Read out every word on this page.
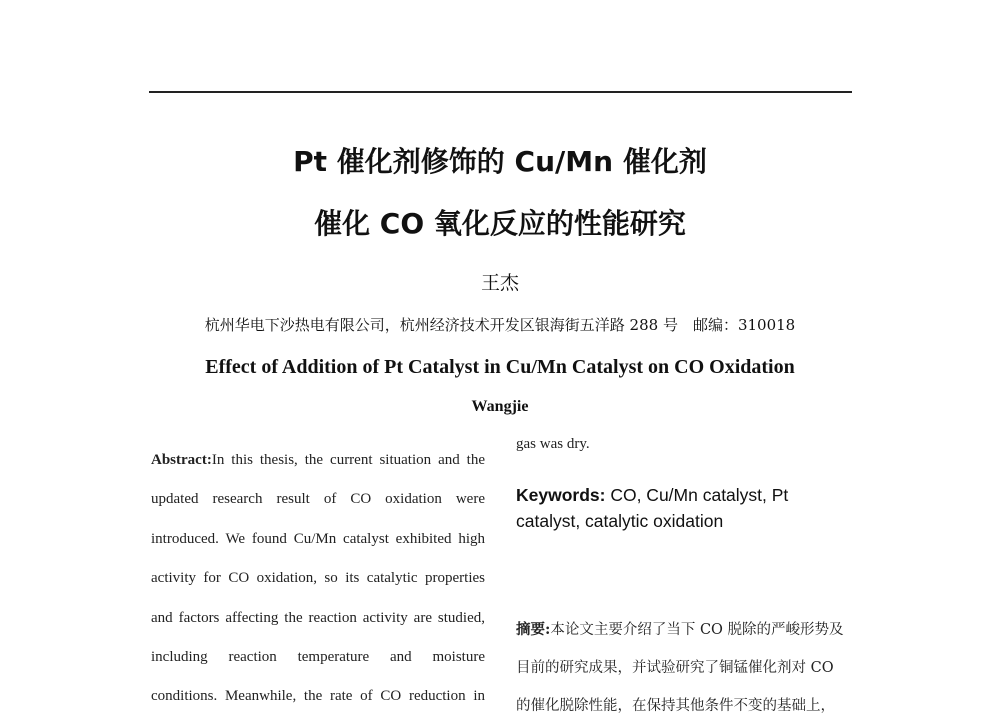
Pt 催化剂修饰的 Cu/Mn 催化剂
催化 CO 氧化反应的性能研究
王杰
杭州华电下沙热电有限公司，杭州经济技术开发区银海街五洋路 288 号　邮编：310018
Effect of Addition of Pt Catalyst in Cu/Mn Catalyst on CO Oxidation
Wangjie

Abstract:In this thesis, the current situation and the

updated research result of CO oxidation were

introduced. We found Cu/Mn catalyst exhibited high

activity for CO oxidation, so its catalytic properties

and factors affecting the reaction activity are studied,

including reaction temperature and moisture

conditions. Meanwhile, the rate of CO reduction in

gas was dry.
Keywords: CO, Cu/Mn catalyst, Pt catalyst, catalytic oxidation

摘要:本论文主要介绍了当下 CO 脱除的严峻形势及

目前的研究成果，并试验研究了铜锰催化剂对 CO

的催化脱除性能，在保持其他条件不变的基础上，
